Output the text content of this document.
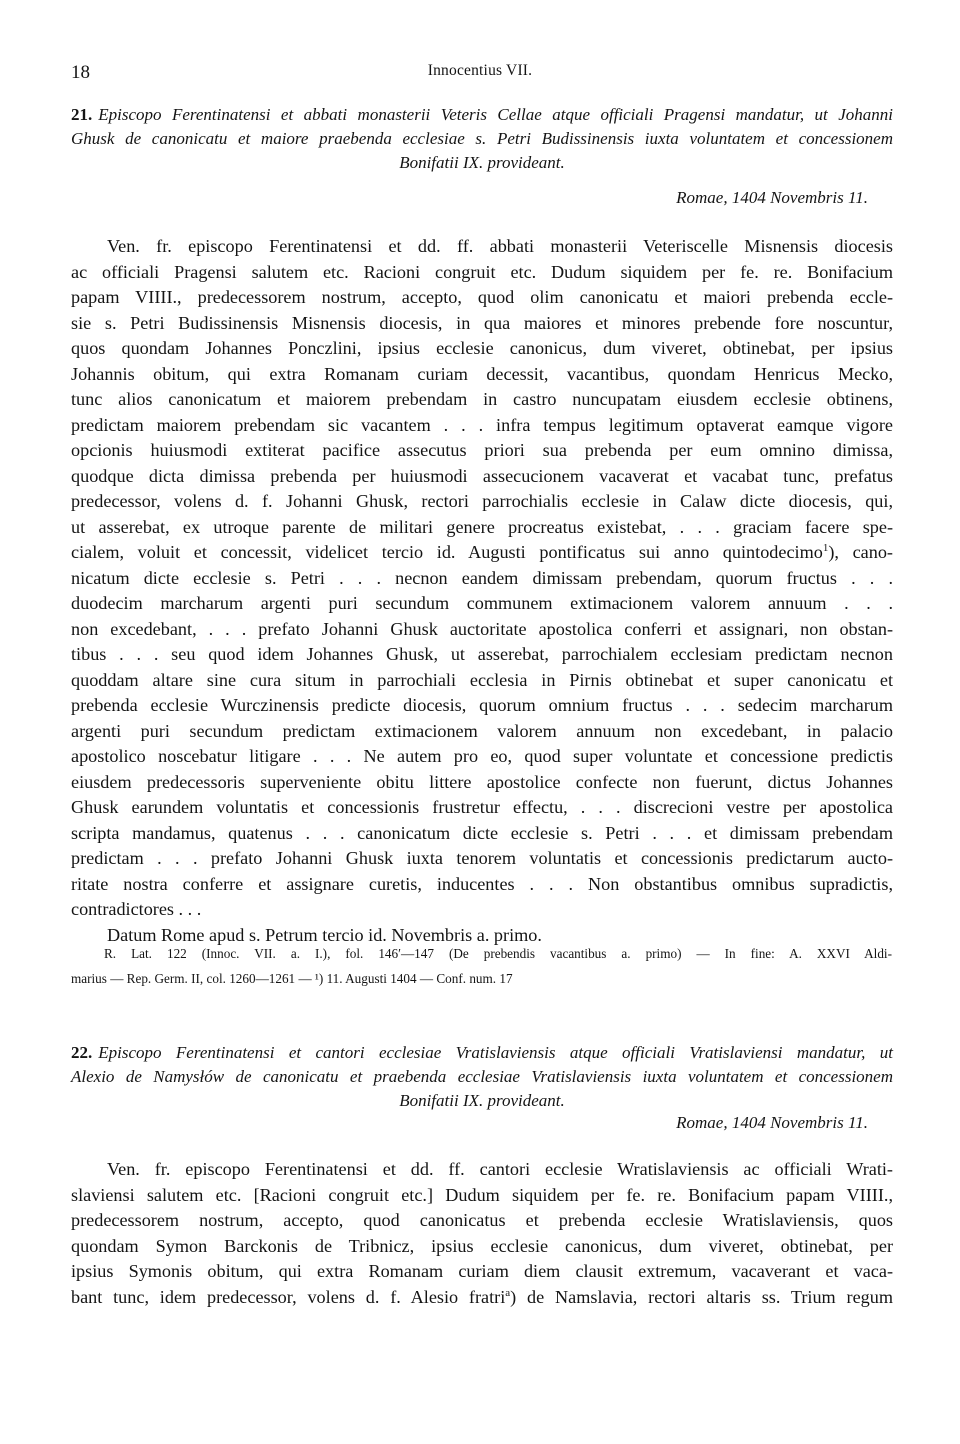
18	Innocentius VII.
21. Episcopo Ferentinatensi et abbati monasterii Veteris Cellae atque officiali Pragensi mandatur, ut Johanni
Ghusk de canonicatu et maiore praebenda ecclesiae s. Petri Budissinensis iuxta voluntatem et concessionem
Bonifatii IX. provideant.
Romae, 1404 Novembris 11.
Ven. fr. episcopo Ferentinatensi et dd. ff. abbati monasterii Veteriscelle Misnensis diocesis
ac officiali Pragensi salutem etc. Racioni congruit etc. Dudum siquidem per fe. re. Bonifacium
papam VIIII., predecessorem nostrum, accepto, quod olim canonicatu et maiori prebenda eccle-
sie s. Petri Budissinensis Misnensis diocesis, in qua maiores et minores prebende fore noscuntur,
quos quondam Johannes Ponczlini, ipsius ecclesie canonicus, dum viveret, obtinebat, per ipsius
Johannis obitum, qui extra Romanam curiam decessit, vacantibus, quondam Henricus Mecko,
tunc alios canonicatum et maiorem prebendam in castro nuncupatam eiusdem ecclesie obtinens,
predictam maiorem prebendam sic vacantem . . . infra tempus legitimum optaverat eamque vigore
opcionis huiusmodi extiterat pacifice assecutus priori sua prebenda per eum omnino dimissa,
quodque dicta dimissa prebenda per huiusmodi assecucionem vacaverat et vacabat tunc, prefatus
predecessor, volens d. f. Johanni Ghusk, rectori parrochialis ecclesie in Calaw dicte diocesis, qui,
ut asserebat, ex utroque parente de militari genere procreatus existebat, . . . graciam facere spe-
cialem, voluit et concessit, videlicet tercio id. Augusti pontificatus sui anno quintodecimo$^1$), cano-
nicatum dicte ecclesie s. Petri . . . necnon eandem dimissam prebendam, quorum fructus . . .
duodecim marcharum argenti puri secundum communem extimacionem valorem annuum . . .
non excedebant, . . . prefato Johanni Ghusk auctoritate apostolica conferri et assignari, non obstan-
tibus . . . seu quod idem Johannes Ghusk, ut asserebat, parrochialem ecclesiam predictam necnon
quoddam altare sine cura situm in parrochiali ecclesia in Pirnis obtinebat et super canonicatu et
prebenda ecclesie Wurczinensis predicte diocesis, quorum omnium fructus . . . sedecim marcharum
argenti puri secundum predictam extimacionem valorem annuum non excedebant, in palacio
apostolico noscebatur litigare . . . Ne autem pro eo, quod super voluntate et concessione predictis
eiusdem predecessoris superveniente obitu littere apostolice confecte non fuerunt, dictus Johannes
Ghusk earundem voluntatis et concessionis frustretur effectu, . . . discrecioni vestre per apostolica
scripta mandamus, quatenus . . . canonicatum dicte ecclesie s. Petri . . . et dimissam prebendam
predictam . . . prefato Johanni Ghusk iuxta tenorem voluntatis et concessionis predictarum aucto-
ritate nostra conferre et assignare curetis, inducentes . . . Non obstantibus omnibus supradictis,
contradictores . . .
Datum Rome apud s. Petrum tercio id. Novembris a. primo.
R. Lat. 122 (Innoc. VII. a. I.), fol. 146′—147 (De prebendis vacantibus a. primo) — In fine: A. XXVI Aldi-
marius — Rep. Germ. II, col. 1260—1261 — ¹) 11. Augusti 1404 — Conf. num. 17
22. Episcopo Ferentinatensi et cantori ecclesiae Vratislaviensis atque officiali Vratislaviensi mandatur, ut
Alexio de Namysłów de canonicatu et praebenda ecclesiae Vratislaviensis iuxta voluntatem et concessionem
Bonifatii IX. provideant.
Romae, 1404 Novembris 11.
Ven. fr. episcopo Ferentinatensi et dd. ff. cantori ecclesie Wratislaviensis ac officiali Wrati-
slaviensi salutem etc. [Racioni congruit etc.] Dudum siquidem per fe. re. Bonifacium papam VIIII.,
predecessorem nostrum, accepto, quod canonicatus et prebenda ecclesie Wratislaviensis, quos
quondam Symon Barckonis de Tribnicz, ipsius ecclesie canonicus, dum viveret, obtinebat, per
ipsius Symonis obitum, qui extra Romanam curiam diem clausit extremum, vacaverant et vaca-
bant tunc, idem predecessor, volens d. f. Alesio fratri$^a$) de Namslavia, rectori altaris ss. Trium regum
